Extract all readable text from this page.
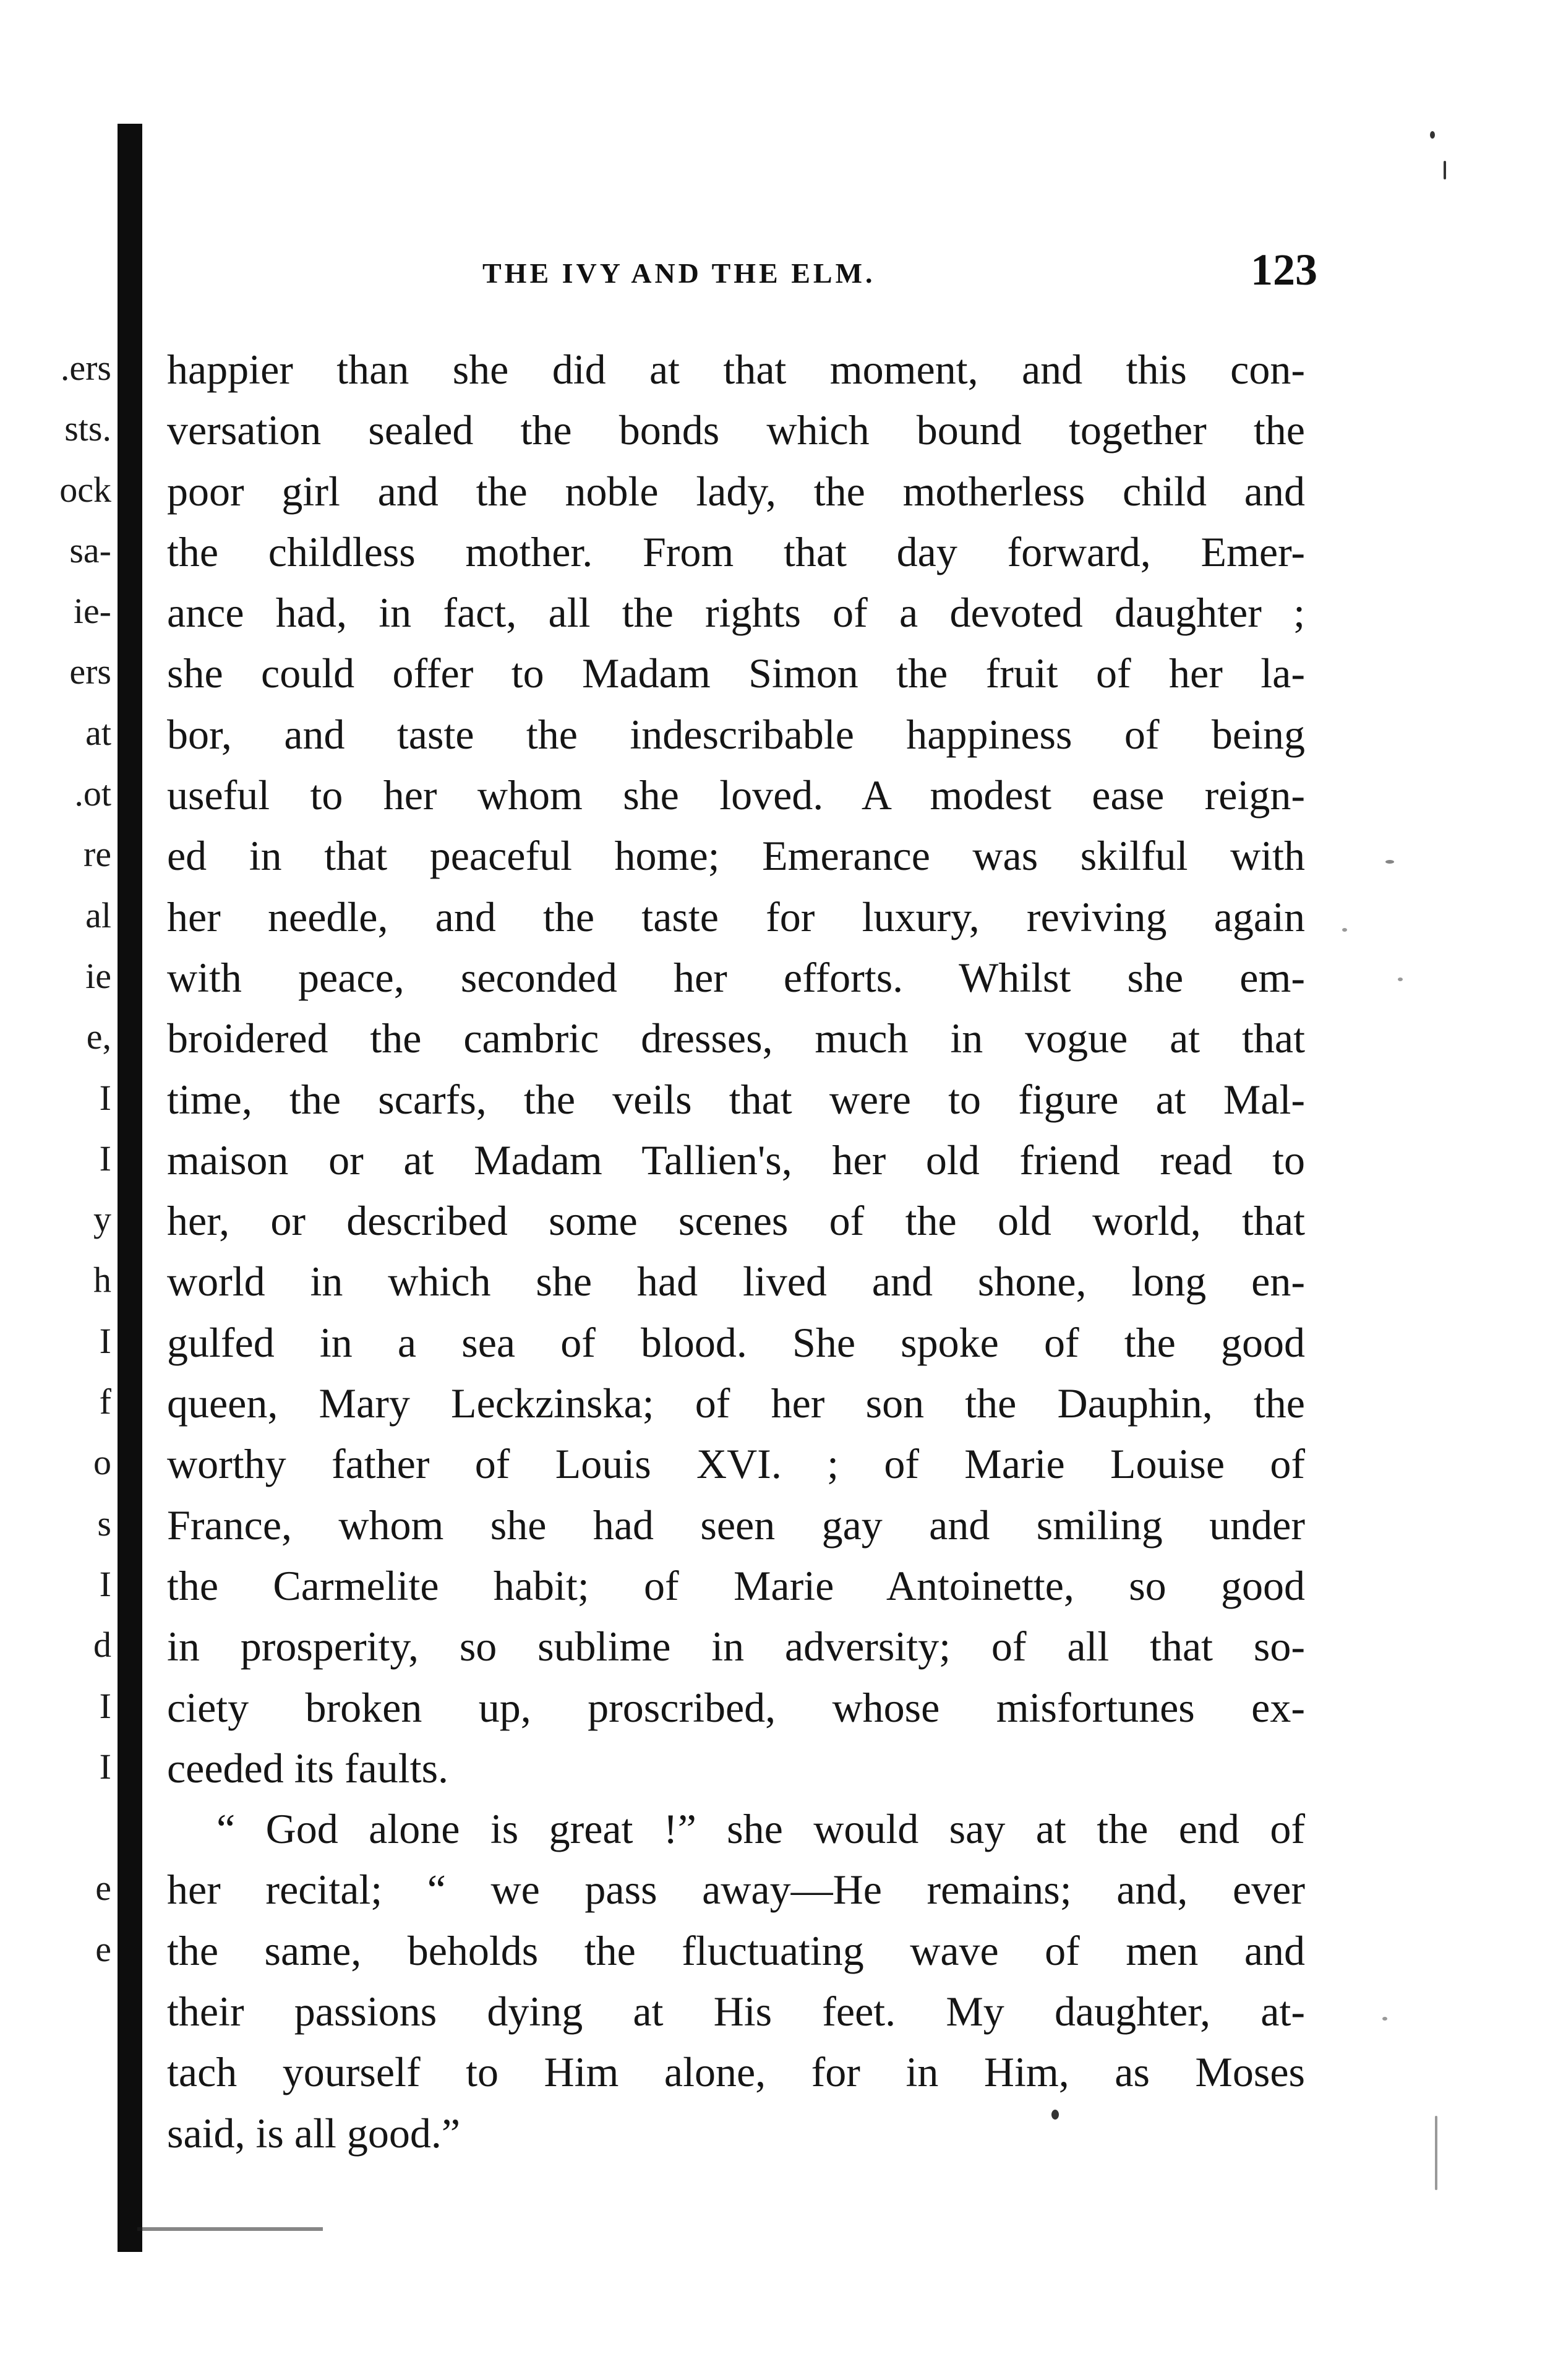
.ers
sts.
ock
sa-
ie-
ers
at
.ot
re
al
ie
e,
I
I
y
h
I
f
o
s
I
d
I
I
e
e
THE IVY AND THE ELM.	123
happier than she did at that moment, and this con-
versation sealed the bonds which bound together the
poor girl and the noble lady, the motherless child and
the childless mother. From that day forward, Emer-
ance had, in fact, all the rights of a devoted daughter ;
she could offer to Madam Simon the fruit of her la-
bor, and taste the indescribable happiness of being
useful to her whom she loved. A modest ease reign-
ed in that peaceful home; Emerance was skilful with
her needle, and the taste for luxury, reviving again
with peace, seconded her efforts. Whilst she em-
broidered the cambric dresses, much in vogue at that
time, the scarfs, the veils that were to figure at Mal-
maison or at Madam Tallien's, her old friend read to
her, or described some scenes of the old world, that
world in which she had lived and shone, long en-
gulfed in a sea of blood. She spoke of the good
queen, Mary Leckzinska; of her son the Dauphin, the
worthy father of Louis XVI. ; of Marie Louise of
France, whom she had seen gay and smiling under
the Carmelite habit; of Marie Antoinette, so good
in prosperity, so sublime in adversity; of all that so-
ciety broken up, proscribed, whose misfortunes ex-
ceeded its faults.
“ God alone is great !” she would say at the end of
her recital; “ we pass away—He remains; and, ever
the same, beholds the fluctuating wave of men and
their passions dying at His feet. My daughter, at-
tach yourself to Him alone, for in Him, as Moses
said, is all good.”
